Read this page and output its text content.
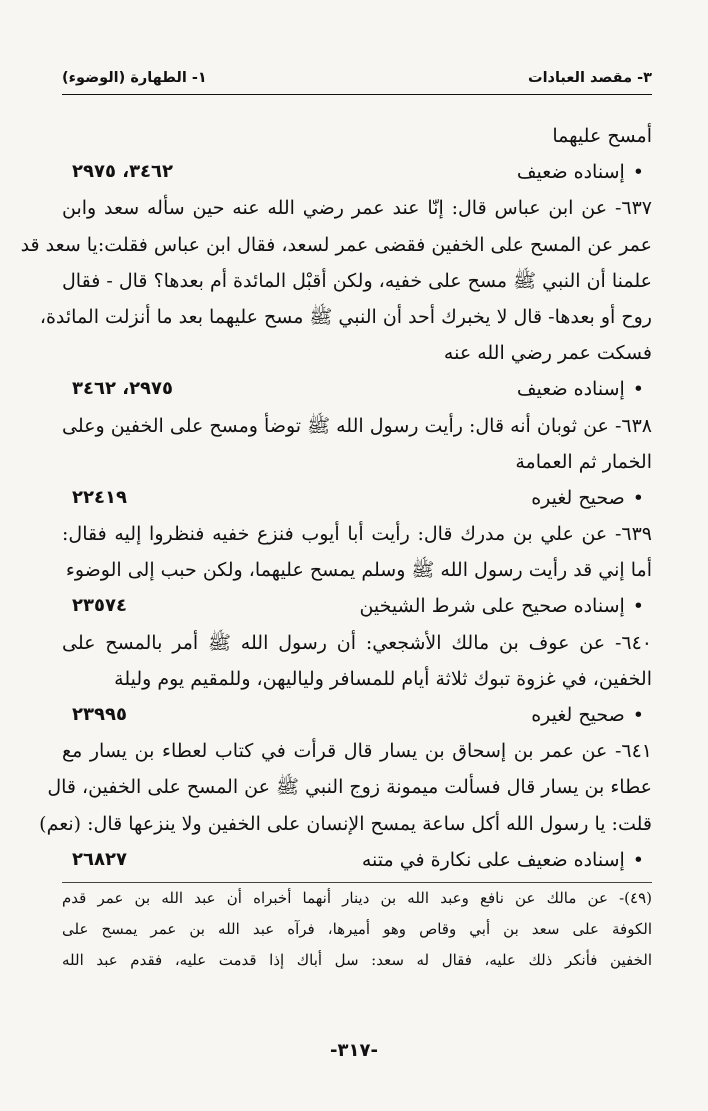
٣- مقصد العبادات
١- الطهارة (الوضوء)
أمسح عليهما
• إسناده ضعيف
٣٤٦٢، ٢٩٧٥
٦٣٧- عن ابن عباس قال: إنّا عند عمر رضي الله عنه حين سأله سعد وابن
عمر عن المسح على الخفين فقضى عمر لسعد، فقال ابن عباس فقلت:يا سعد قد
علمنا أن النبي ﷺ مسح على خفيه، ولكن أقبْل المائدة أم بعدها؟ قال - فقال
روح أو بعدها- قال لا يخبرك أحد أن النبي ﷺ مسح عليهما بعد ما أنزلت المائدة،
فسكت عمر رضي الله عنه
• إسناده ضعيف
٢٩٧٥، ٣٤٦٢
٦٣٨- عن ثوبان أنه قال: رأيت رسول الله ﷺ توضأ ومسح على الخفين وعلى
الخمار ثم العمامة
• صحيح لغيره
٢٢٤١٩
٦٣٩- عن علي بن مدرك قال: رأيت أبا أيوب فنزع خفيه فنظروا إليه فقال:
أما إني قد رأيت رسول الله ﷺ وسلم يمسح عليهما، ولكن حبب إلى الوضوء
• إسناده صحيح على شرط الشيخين
٢٣٥٧٤
٦٤٠- عن عوف بن مالك الأشجعي: أن رسول الله ﷺ أمر بالمسح على
الخفين، في غزوة تبوك ثلاثة أيام للمسافر ولياليهن، وللمقيم يوم وليلة
• صحيح لغيره
٢٣٩٩٥
٦٤١- عن عمر بن إسحاق بن يسار قال قرأت في كتاب لعطاء بن يسار مع
عطاء بن يسار قال فسألت ميمونة زوج النبي ﷺ عن المسح على الخفين، قال
قلت: يا رسول الله أكل ساعة يمسح الإنسان على الخفين ولا ينزعها قال: (نعم)
• إسناده ضعيف على نكارة في متنه
٢٦٨٢٧
(٤٩)- عن مالك عن نافع وعبد الله بن دينار أنهما أخبراه أن عبد الله بن عمر قدم
الكوفة على سعد بن أبي وقاص وهو أميرها، فرآه عبد الله بن عمر يمسح على
الخفين فأنكر ذلك عليه، فقال له سعد: سل أباك إذا قدمت عليه، فقدم عبد الله
-٣١٧-
